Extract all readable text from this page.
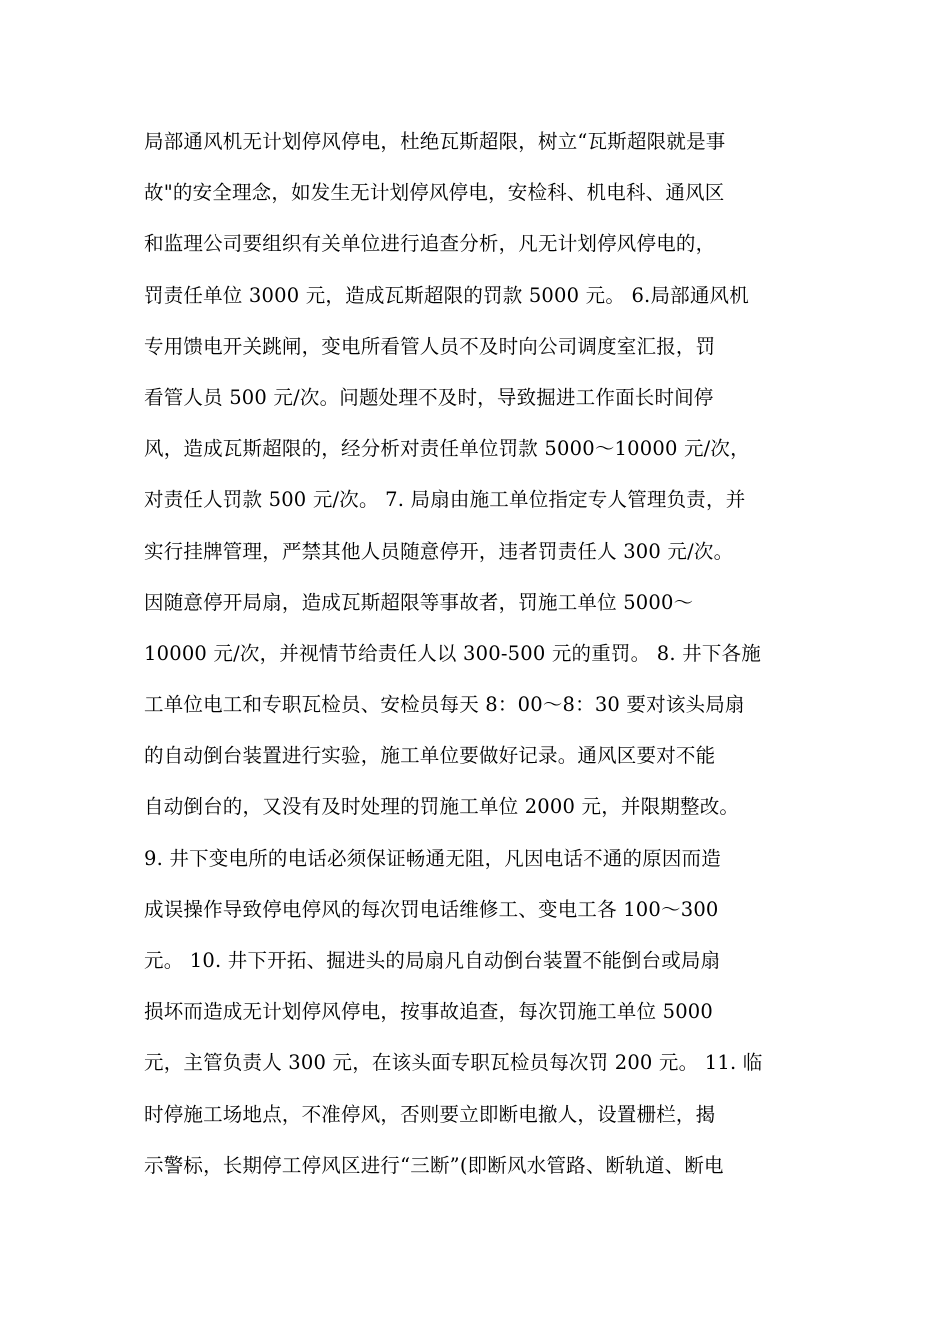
局部通风机无计划停风停电，杜绝瓦斯超限，树立“瓦斯超限就是事
故"的安全理念，如发生无计划停风停电，安检科、机电科、通风区
和监理公司要组织有关单位进行追查分析，凡无计划停风停电的，
罚责任单位 3000 元，造成瓦斯超限的罚款 5000 元。 6.局部通风机
专用馈电开关跳闸，变电所看管人员不及时向公司调度室汇报，罚
看管人员 500 元/次。问题处理不及时，导致掘进工作面长时间停
风，造成瓦斯超限的，经分析对责任单位罚款 5000～10000 元/次，
对责任人罚款 500 元/次。 7. 局扇由施工单位指定专人管理负责，并
实行挂牌管理，严禁其他人员随意停开，违者罚责任人 300 元/次。
因随意停开局扇，造成瓦斯超限等事故者，罚施工单位 5000～
10000 元/次，并视情节给责任人以 300-500 元的重罚。 8. 井下各施
工单位电工和专职瓦检员、安检员每天 8：00～8：30 要对该头局扇
的自动倒台装置进行实验，施工单位要做好记录。通风区要对不能
自动倒台的，又没有及时处理的罚施工单位 2000 元，并限期整改。
9. 井下变电所的电话必须保证畅通无阻，凡因电话不通的原因而造
成误操作导致停电停风的每次罚电话维修工、变电工各 100～300
元。 10. 井下开拓、掘进头的局扇凡自动倒台装置不能倒台或局扇
损坏而造成无计划停风停电，按事故追查，每次罚施工单位 5000
元，主管负责人 300 元，在该头面专职瓦检员每次罚 200 元。 11. 临
时停施工场地点，不准停风，否则要立即断电撤人，设置栅栏，揭
示警标，长期停工停风区进行“三断”(即断风水管路、断轨道、断电
